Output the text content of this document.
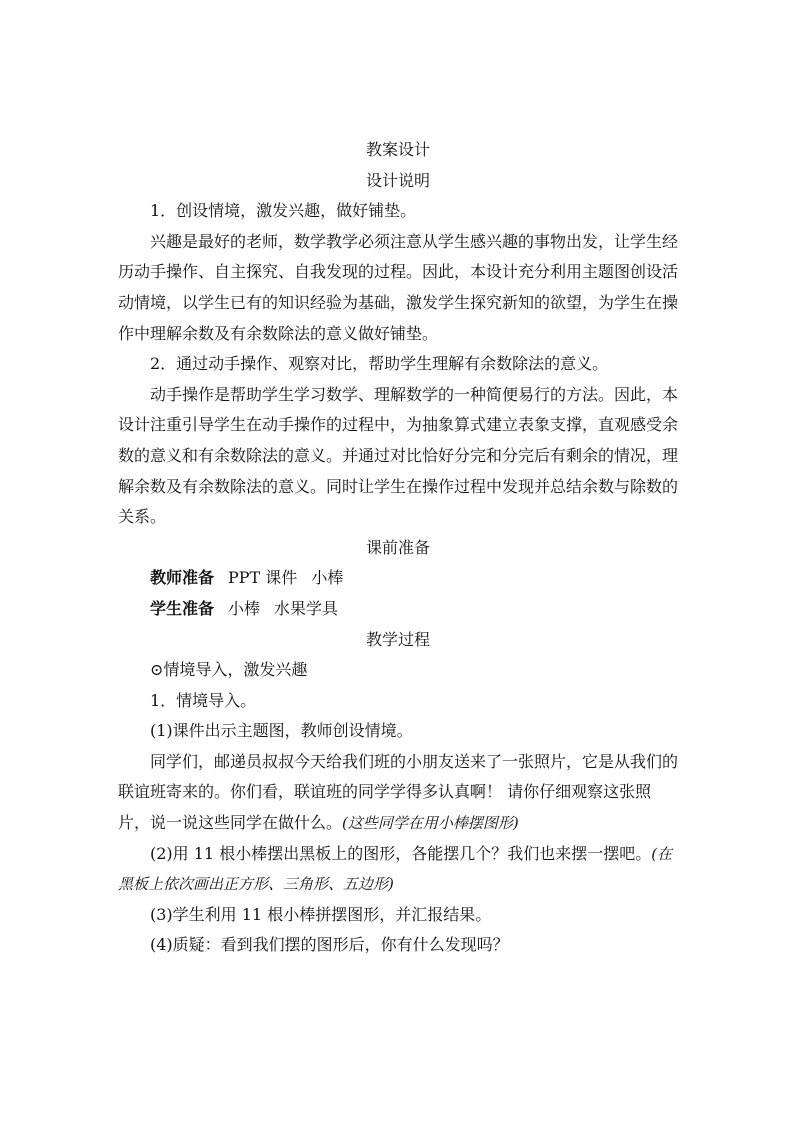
教案设计

设计说明

1．创设情境，激发兴趣，做好铺垫。

兴趣是最好的老师，数学教学必须注意从学生感兴趣的事物出发，让学生经历动手操作、自主探究、自我发现的过程。因此，本设计充分利用主题图创设活动情境，以学生已有的知识经验为基础，激发学生探究新知的欲望，为学生在操作中理解余数及有余数除法的意义做好铺垫。

2．通过动手操作、观察对比，帮助学生理解有余数除法的意义。

动手操作是帮助学生学习数学、理解数学的一种简便易行的方法。因此，本设计注重引导学生在动手操作的过程中，为抽象算式建立表象支撑，直观感受余数的意义和有余数除法的意义。并通过对比恰好分完和分完后有剩余的情况，理解余数及有余数除法的意义。同时让学生在操作过程中发现并总结余数与除数的关系。

课前准备

教师准备 PPT 课件 小棒

学生准备 小棒 水果学具

教学过程

⊙情境导入，激发兴趣

1．情境导入。

(1)课件出示主题图，教师创设情境。

同学们，邮递员叔叔今天给我们班的小朋友送来了一张照片，它是从我们的联谊班寄来的。你们看，联谊班的同学学得多认真啊！ 请你仔细观察这张照片，说一说这些同学在做什么。(这些同学在用小棒摆图形)

(2)用 11 根小棒摆出黑板上的图形，各能摆几个？我们也来摆一摆吧。(在黑板上依次画出正方形、三角形、五边形)

(3)学生利用 11 根小棒拼摆图形，并汇报结果。

(4)质疑：看到我们摆的图形后，你有什么发现吗？
